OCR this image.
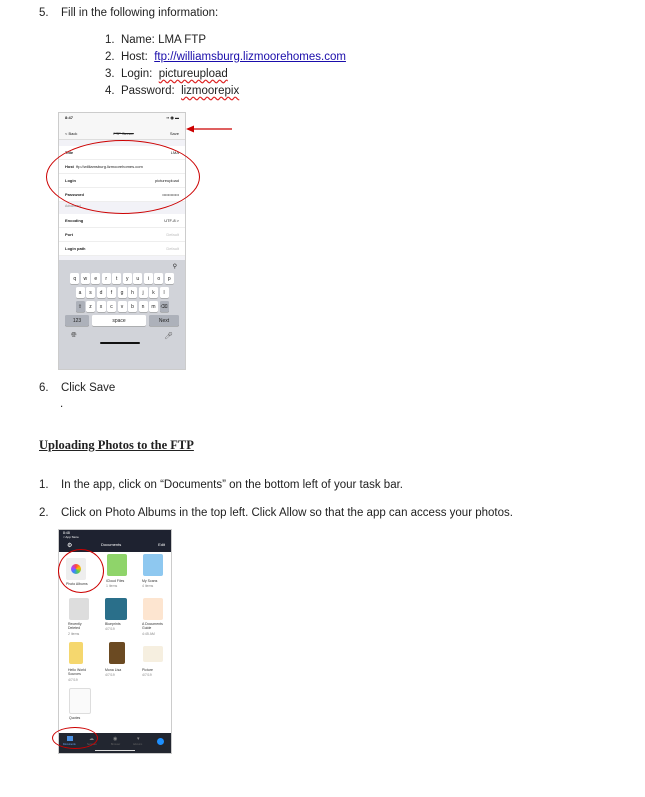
5. Fill in the following information:
1. Name: LMA FTP
2. Host: ftp://williamsburg.lizmoorehomes.com
3. Login: pictureupload
4. Password: lizmoorepix
8:47	▪▪ ◉ ▬
< Back	FTP Server	Save
Title	LMA
Host ftp://williamsburg.lizmoorehomes.com
Login	pictureupload
Password	••••••••••••
Advanced
Encoding	UTF-8 >
Port	Default
Login path	Default
⚲
q	w	e	r	t	y	u	i	o	p
a	s	d	f	g	h	j	k	l
⇧	z	x	c	v	b	n	m ⌫
123	space	Next
🌐︎	🎤︎
6. Click Save
.
Uploading Photos to the FTP
1. In the app, click on “Documents” on the bottom left of your task bar.
2. Click on Photo Albums in the top left. Click Allow so that the app can access your photos.
8:48
< App Store
⚙	Documents	Edit
Photo Albums
iCloud Files
1 items
My Scans
4 items
Recently Deleted
2 items
Blueprints
4/7/19
A Documents Guide
4:45 AM
Hello World Sources
4/7/19
Mona Lisa
4/7/19
Picture
4/7/19
Quotes
Documents
☁
Services
◉
Browser
▾
Add-ons
